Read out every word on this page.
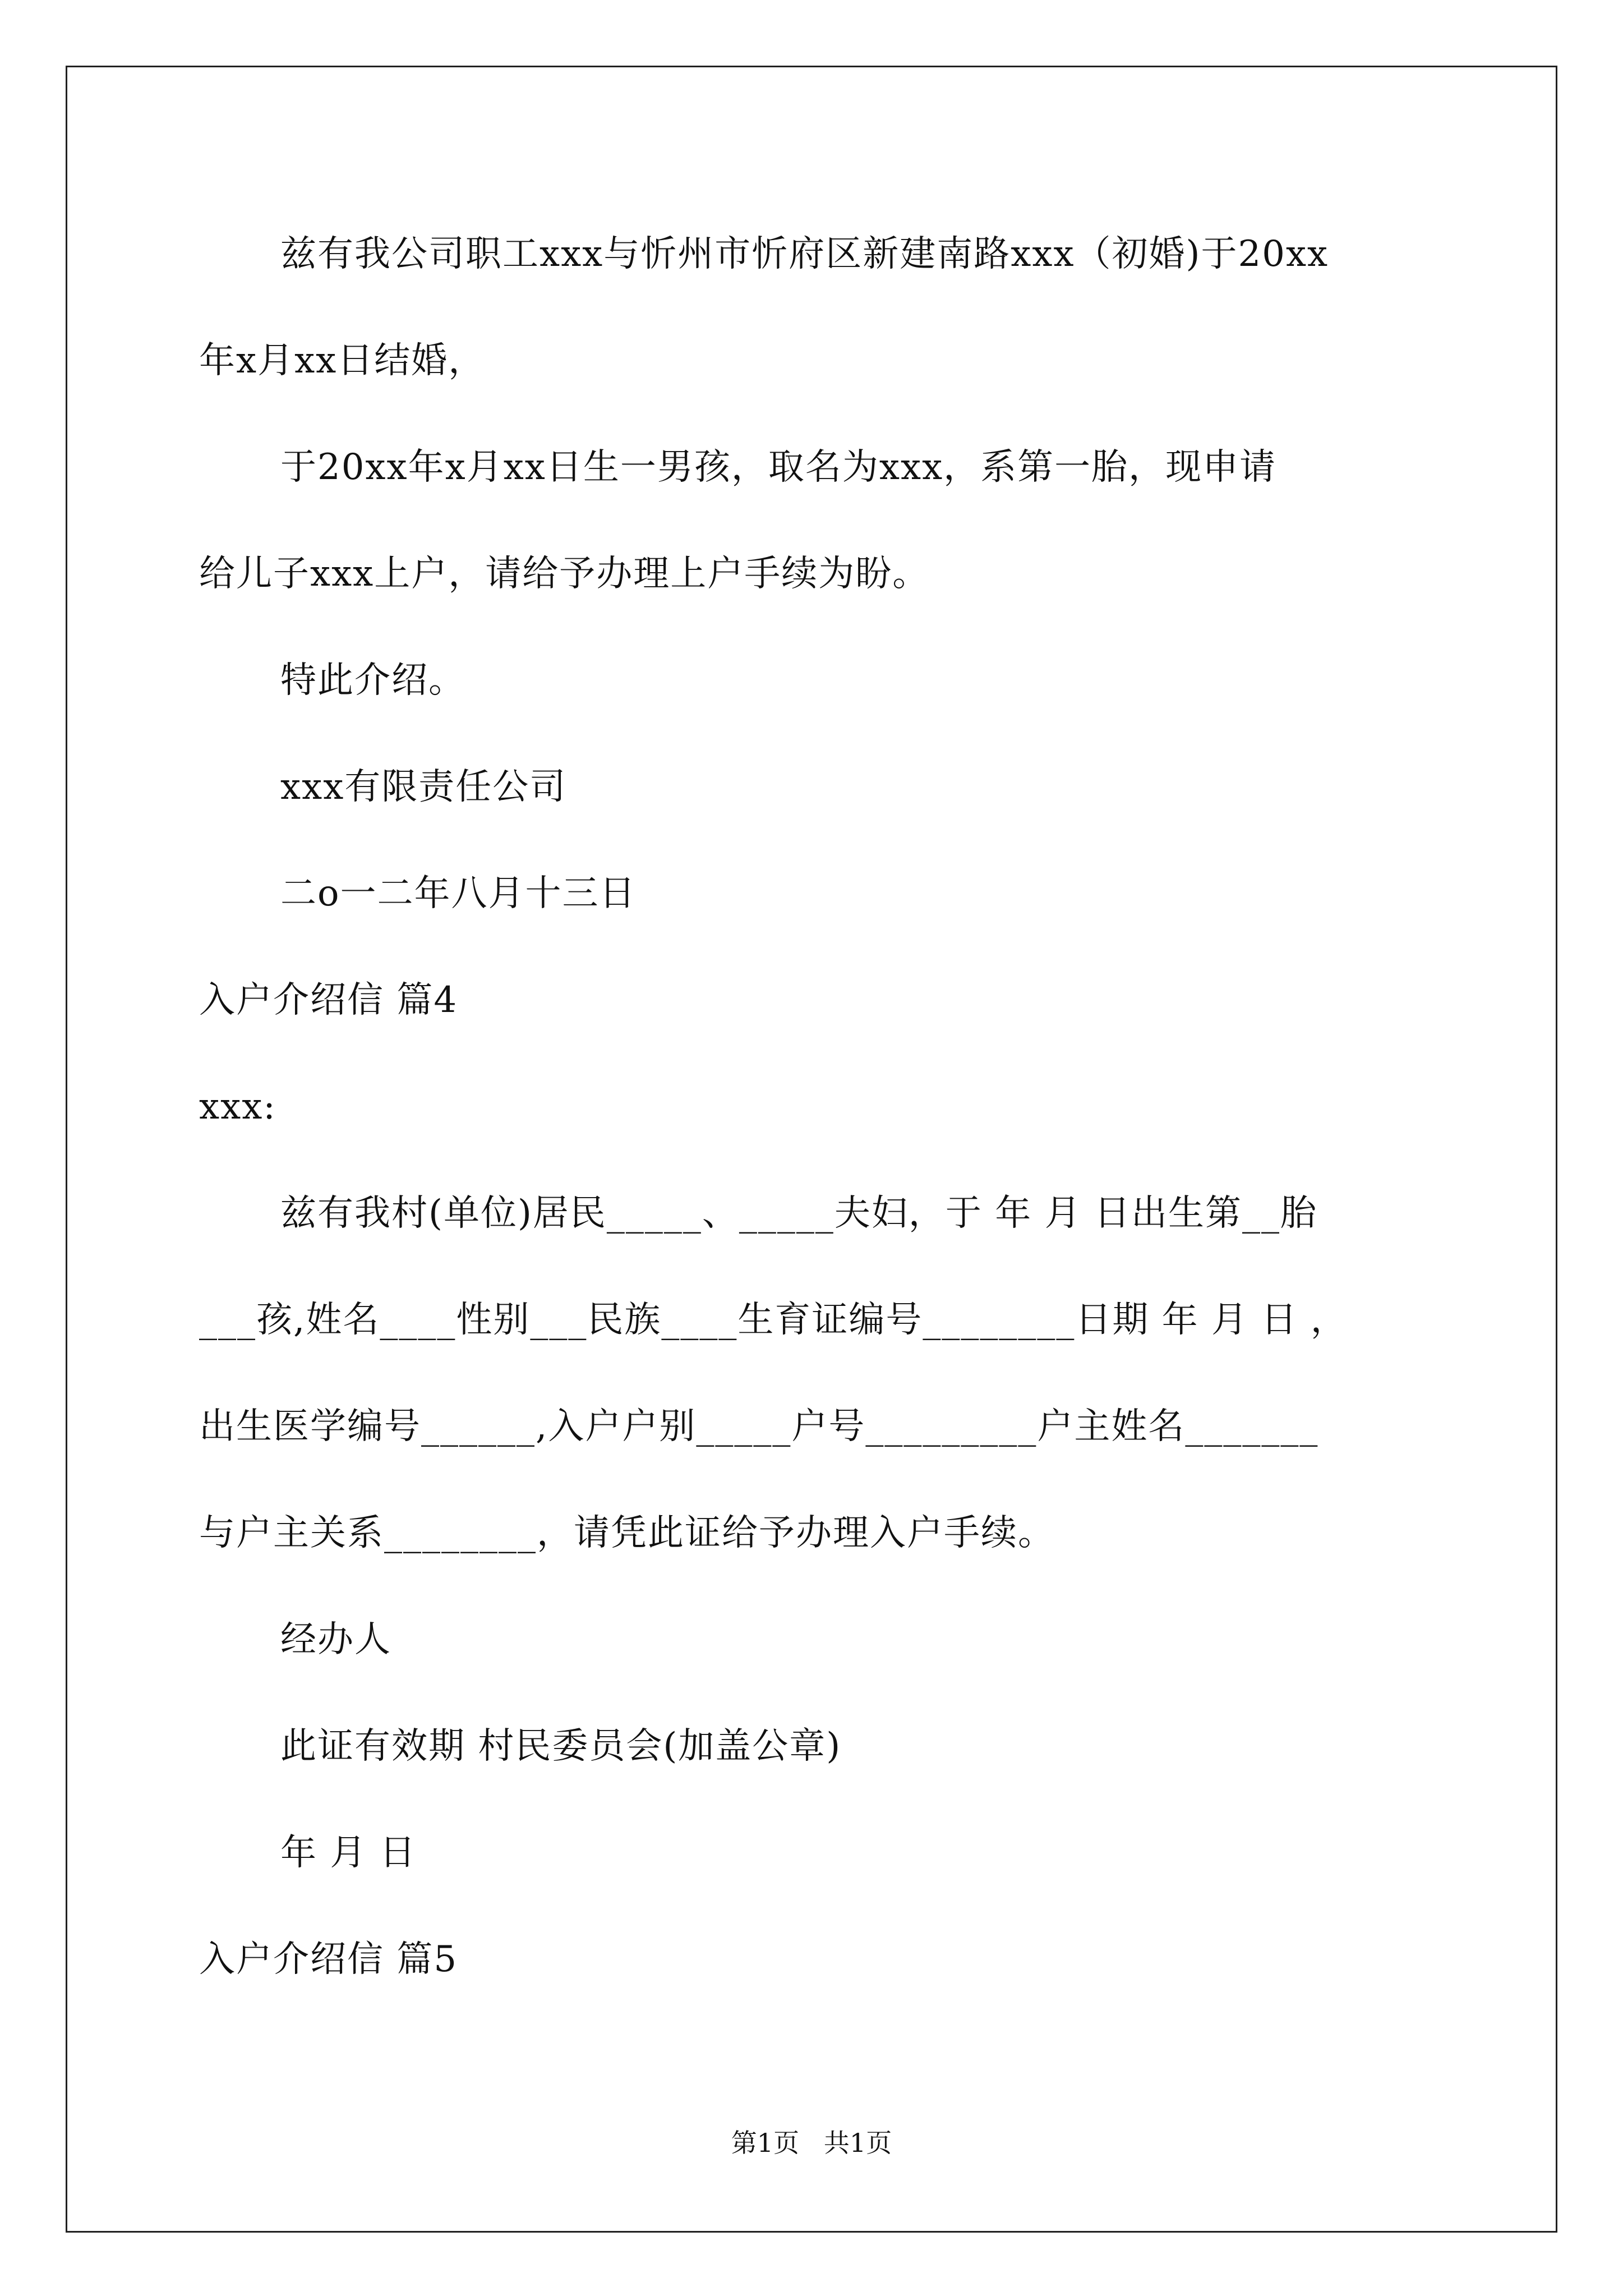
兹有我公司职工xxx与忻州市忻府区新建南路xxx（初婚)于20xx
年x月xx日结婚，
于20xx年x月xx日生一男孩，取名为xxx，系第一胎，现申请
给儿子xxx上户，请给予办理上户手续为盼。
特此介绍。
xxx有限责任公司
二o一二年八月十三日
入户介绍信 篇4
xxx:
兹有我村(单位)居民_____、_____夫妇，于 年 月 日出生第__胎
___孩,姓名____性别___民族____生育证编号________日期 年 月 日 ，
出生医学编号______,入户户别_____户号_________户主姓名_______
与户主关系________，请凭此证给予办理入户手续。
经办人
此证有效期 村民委员会(加盖公章)
年 月 日
入户介绍信 篇5
第1页   共1页
